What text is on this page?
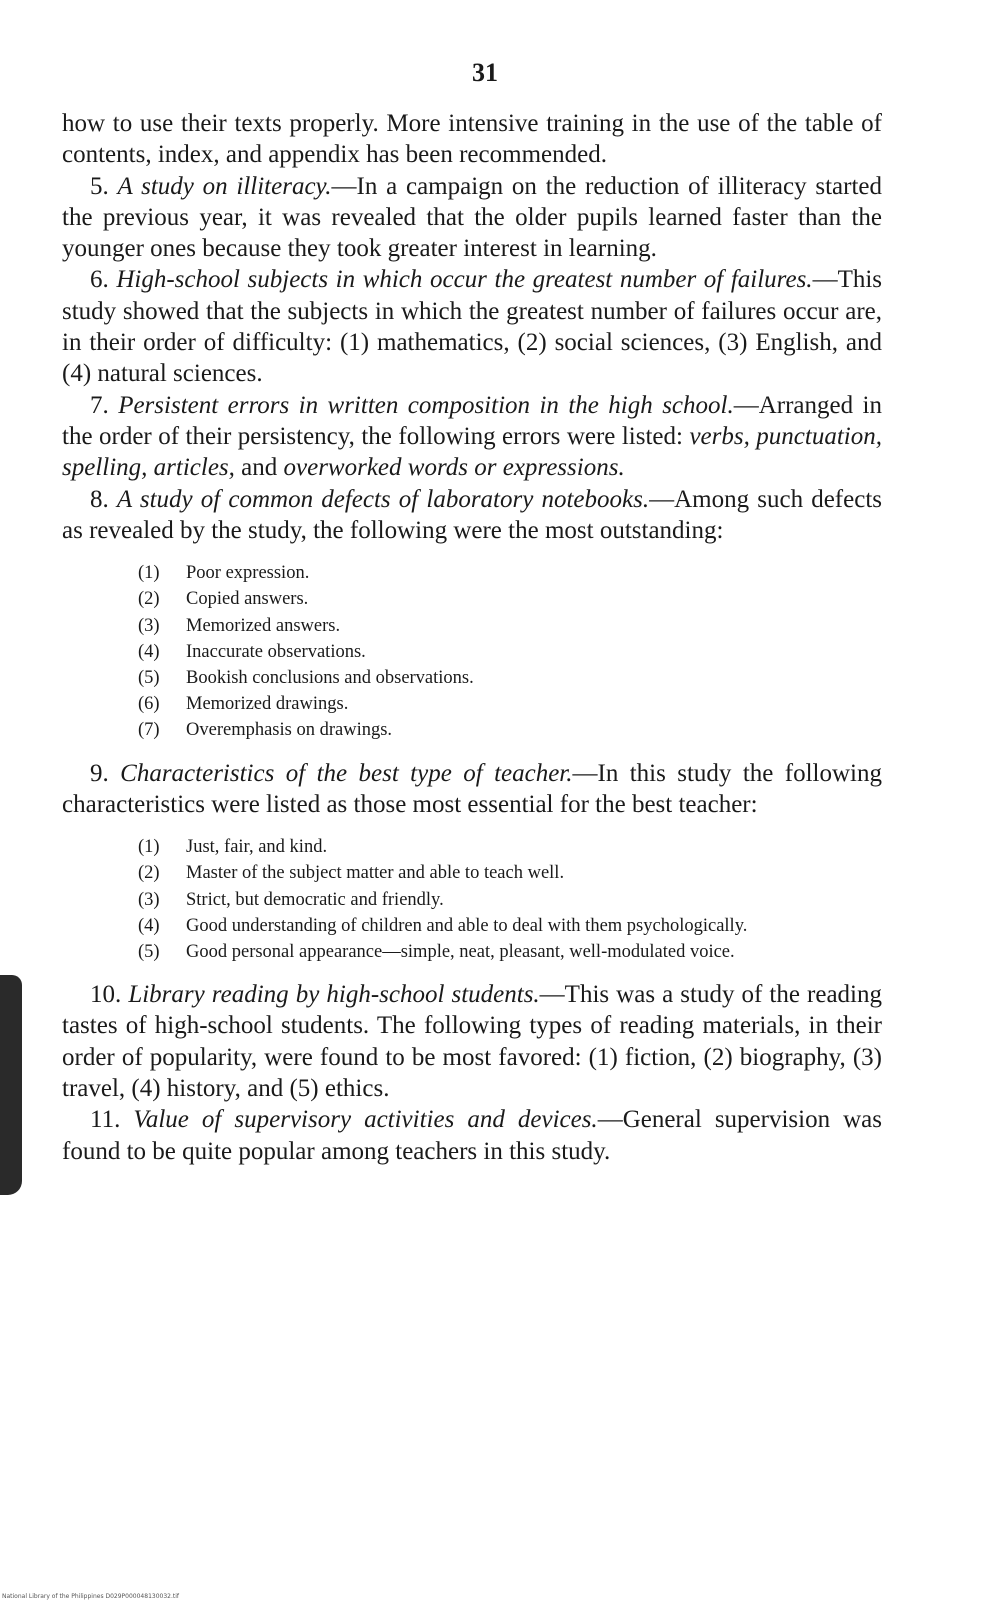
31

how to use their texts properly. More intensive training in the use of the table of contents, index, and appendix has been recommended.

5. A study on illiteracy.—In a campaign on the reduction of illiteracy started the previous year, it was revealed that the older pupils learned faster than the younger ones because they took greater interest in learning.

6. High-school subjects in which occur the greatest number of failures.—This study showed that the subjects in which the greatest number of failures occur are, in their order of difficulty: (1) mathematics, (2) social sciences, (3) English, and (4) natural sciences.

7. Persistent errors in written composition in the high school.—Arranged in the order of their persistency, the following errors were listed: verbs, punctuation, spelling, articles, and overworked words or expressions.

8. A study of common defects of laboratory notebooks.—Among such defects as revealed by the study, the following were the most outstanding:

(1) Poor expression.
(2) Copied answers.
(3) Memorized answers.
(4) Inaccurate observations.
(5) Bookish conclusions and observations.
(6) Memorized drawings.
(7) Overemphasis on drawings.

9. Characteristics of the best type of teacher.—In this study the following characteristics were listed as those most essential for the best teacher:

(1) Just, fair, and kind.
(2) Master of the subject matter and able to teach well.
(3) Strict, but democratic and friendly.
(4) Good understanding of children and able to deal with them psychologically.
(5) Good personal appearance—simple, neat, pleasant, well-modulated voice.

10. Library reading by high-school students.—This was a study of the reading tastes of high-school students. The following types of reading materials, in their order of popularity, were found to be most favored: (1) fiction, (2) biography, (3) travel, (4) history, and (5) ethics.

11. Value of supervisory activities and devices.—General supervision was found to be quite popular among teachers in this study.

National Library of the Philippines D029P000048130032.tif
